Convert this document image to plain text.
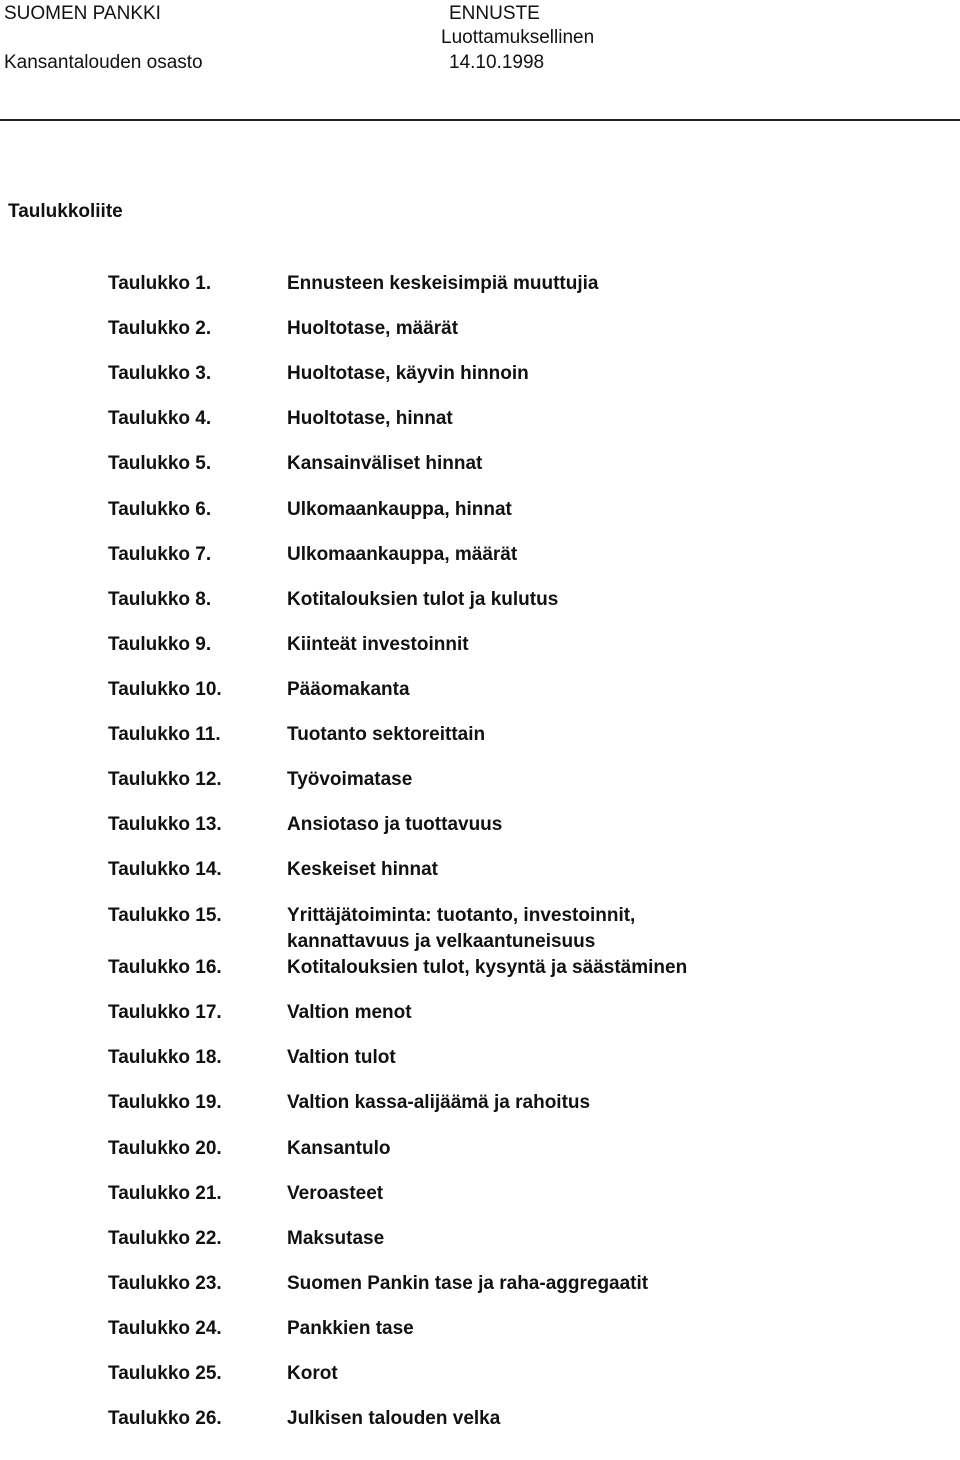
SUOMEN PANKKI
Kansantalouden osasto
ENNUSTE
Luottamuksellinen
14.10.1998
Taulukkoliite
Taulukko 1.	Ennusteen keskeisimpiä muuttujia
Taulukko 2.	Huoltotase, määrät
Taulukko 3.	Huoltotase, käyvin hinnoin
Taulukko 4.	Huoltotase, hinnat
Taulukko 5.	Kansainväliset hinnat
Taulukko 6.	Ulkomaankauppa, hinnat
Taulukko 7.	Ulkomaankauppa, määrät
Taulukko 8.	Kotitalouksien tulot ja kulutus
Taulukko 9.	Kiinteät investoinnit
Taulukko 10.	Pääomakanta
Taulukko 11.	Tuotanto sektoreittain
Taulukko 12.	Työvoimatase
Taulukko 13.	Ansiotaso ja tuottavuus
Taulukko 14.	Keskeiset hinnat
Taulukko 15.	Yrittäjätoiminta: tuotanto, investoinnit,
kannattavuus ja velkaantuneisuus
Taulukko 16.	Kotitalouksien tulot, kysyntä ja säästäminen
Taulukko 17.	Valtion menot
Taulukko 18.	Valtion tulot
Taulukko 19.	Valtion kassa-alijäämä ja rahoitus
Taulukko 20.	Kansantulo
Taulukko 21.	Veroasteet
Taulukko 22.	Maksutase
Taulukko 23.	Suomen Pankin tase ja raha-aggregaatit
Taulukko 24.	Pankkien tase
Taulukko 25.	Korot
Taulukko 26.	Julkisen talouden velka
